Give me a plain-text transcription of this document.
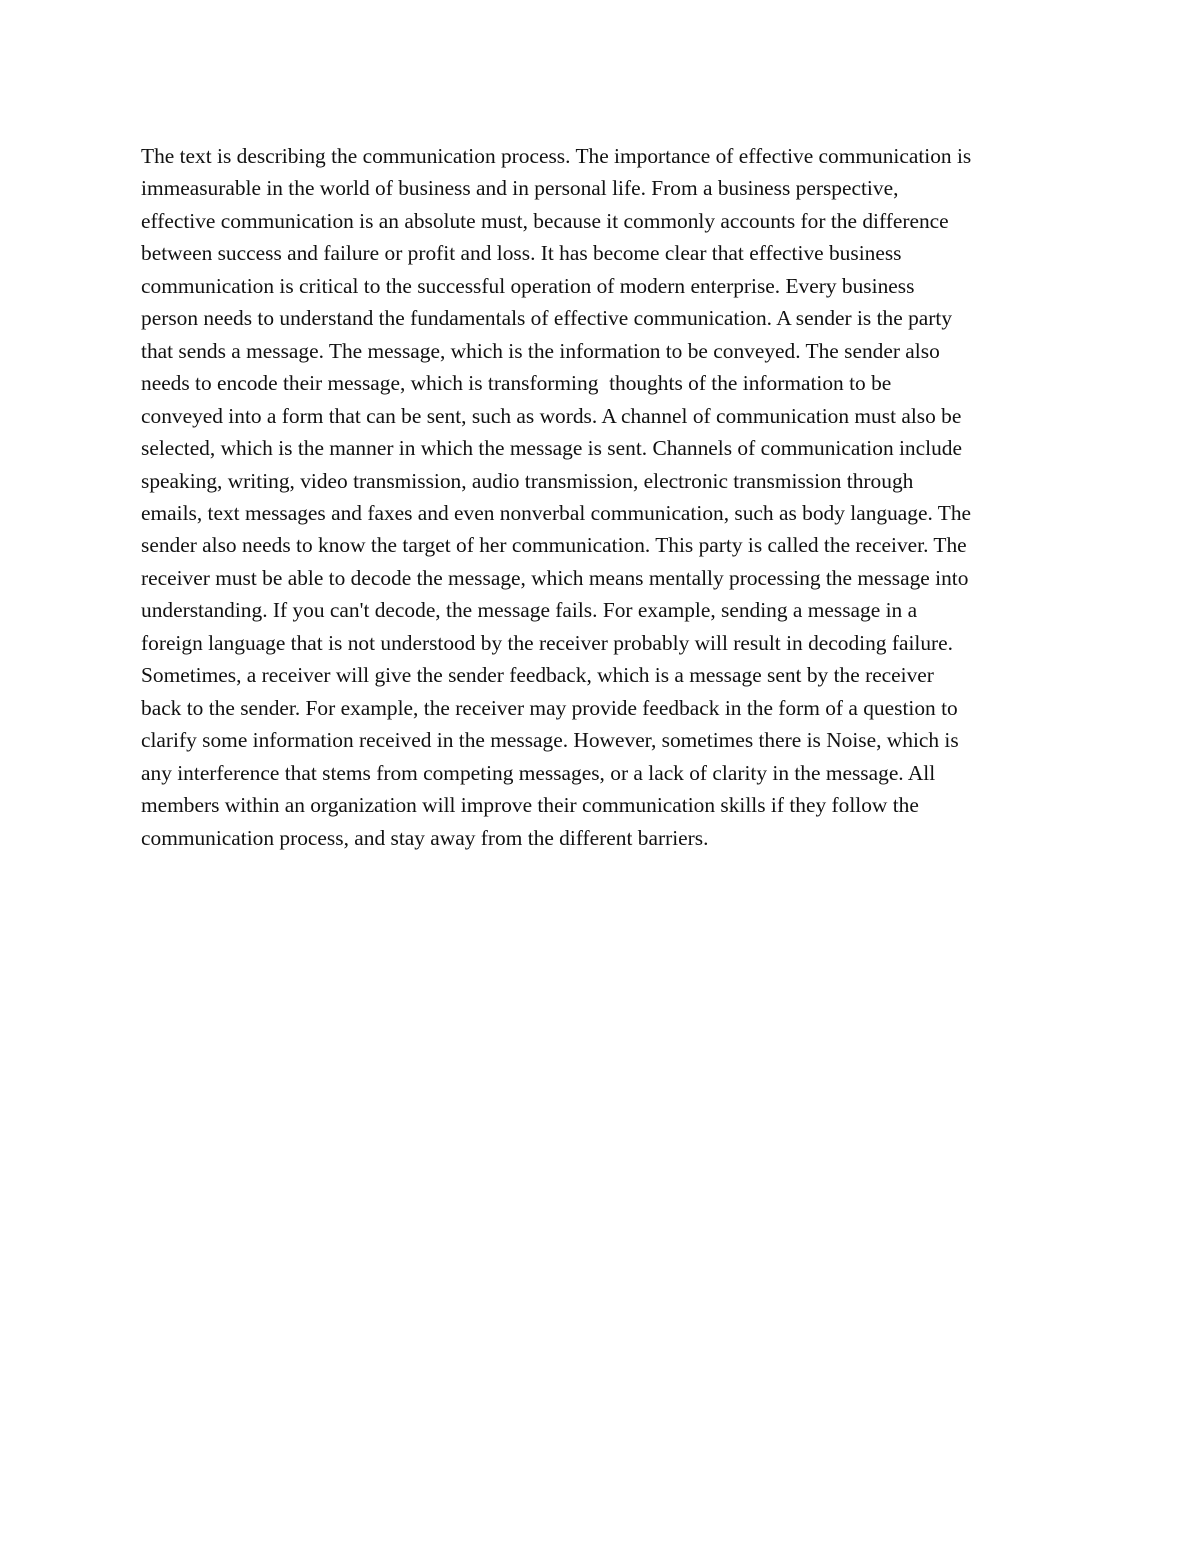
The text is describing the communication process. The importance of effective communication is
immeasurable in the world of business and in personal life. From a business perspective,
effective communication is an absolute must, because it commonly accounts for the difference
between success and failure or profit and loss. It has become clear that effective business
communication is critical to the successful operation of modern enterprise. Every business
person needs to understand the fundamentals of effective communication. A sender is the party
that sends a message. The message, which is the information to be conveyed. The sender also
needs to encode their message, which is transforming  thoughts of the information to be
conveyed into a form that can be sent, such as words. A channel of communication must also be
selected, which is the manner in which the message is sent. Channels of communication include
speaking, writing, video transmission, audio transmission, electronic transmission through
emails, text messages and faxes and even nonverbal communication, such as body language. The
sender also needs to know the target of her communication. This party is called the receiver. The
receiver must be able to decode the message, which means mentally processing the message into
understanding. If you can't decode, the message fails. For example, sending a message in a
foreign language that is not understood by the receiver probably will result in decoding failure.
Sometimes, a receiver will give the sender feedback, which is a message sent by the receiver
back to the sender. For example, the receiver may provide feedback in the form of a question to
clarify some information received in the message. However, sometimes there is Noise, which is
any interference that stems from competing messages, or a lack of clarity in the message. All
members within an organization will improve their communication skills if they follow the
communication process, and stay away from the different barriers.
